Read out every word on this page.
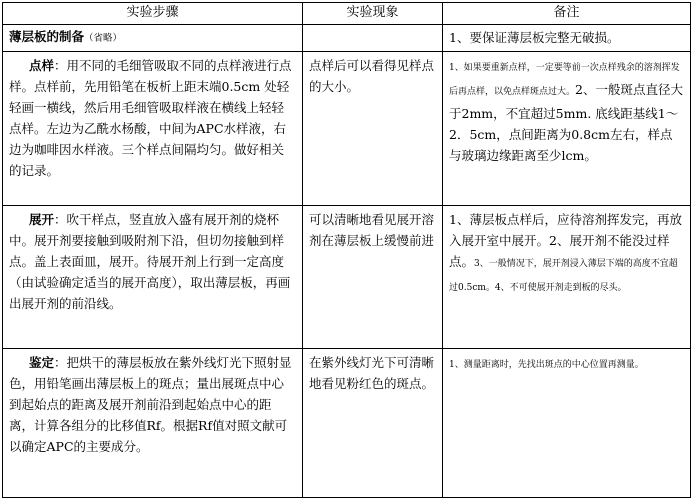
实验步骤	实验现象	备注
薄层板的制备（省略）		1、要保证薄层板完整无破损。

点样：用不同的毛细管吸取不同的点样液进行点样。点样前，先用铅笔在板析上距末端0.5cm 处轻轻画一横线，然后用毛细管吸取样液在横线上轻轻点样。左边为乙酰水杨酸，中间为APC水样液，右边为咖啡因水样液。三个样点间隔均匀。做好相关的记录。	点样后可以看得见样点的大小。	1、如果要重新点样，一定要等前一次点样残余的溶剂挥发后再点样，以免点样斑点过大。2、一般斑点直径大于2mm，不宜超过5mm. 底线距基线1～2．5cm，点间距离为0.8cm左右，样点与玻璃边缘距离至少lcm。

展开：吹干样点，竖直放入盛有展开剂的烧杯中。展开剂要接触到吸附剂下沿，但切勿接触到样点。盖上表面皿，展开。待展开剂上行到一定高度（由试验确定适当的展开高度），取出薄层板，再画出展开剂的前沿线。	可以清晰地看见展开溶剂在薄层板上缓慢前进	1、薄层板点样后，应待溶剂挥发完，再放入展开室中展开。2、展开剂不能没过样点。3、一般情况下，展开剂浸入薄层下端的高度不宜超过0.5cm。4、不可使展开剂走到板的尽头。

鉴定：把烘干的薄层板放在紫外线灯光下照射显色，用铅笔画出薄层板上的斑点；量出展斑点中心到起始点的距离及展开剂前沿到起始点中心的距离，计算各组分的比移值Rf。根据Rf值对照文献可以确定APC的主要成分。	在紫外线灯光下可清晰地看见粉红色的斑点。	1、测量距离时，先找出斑点的中心位置再测量。
